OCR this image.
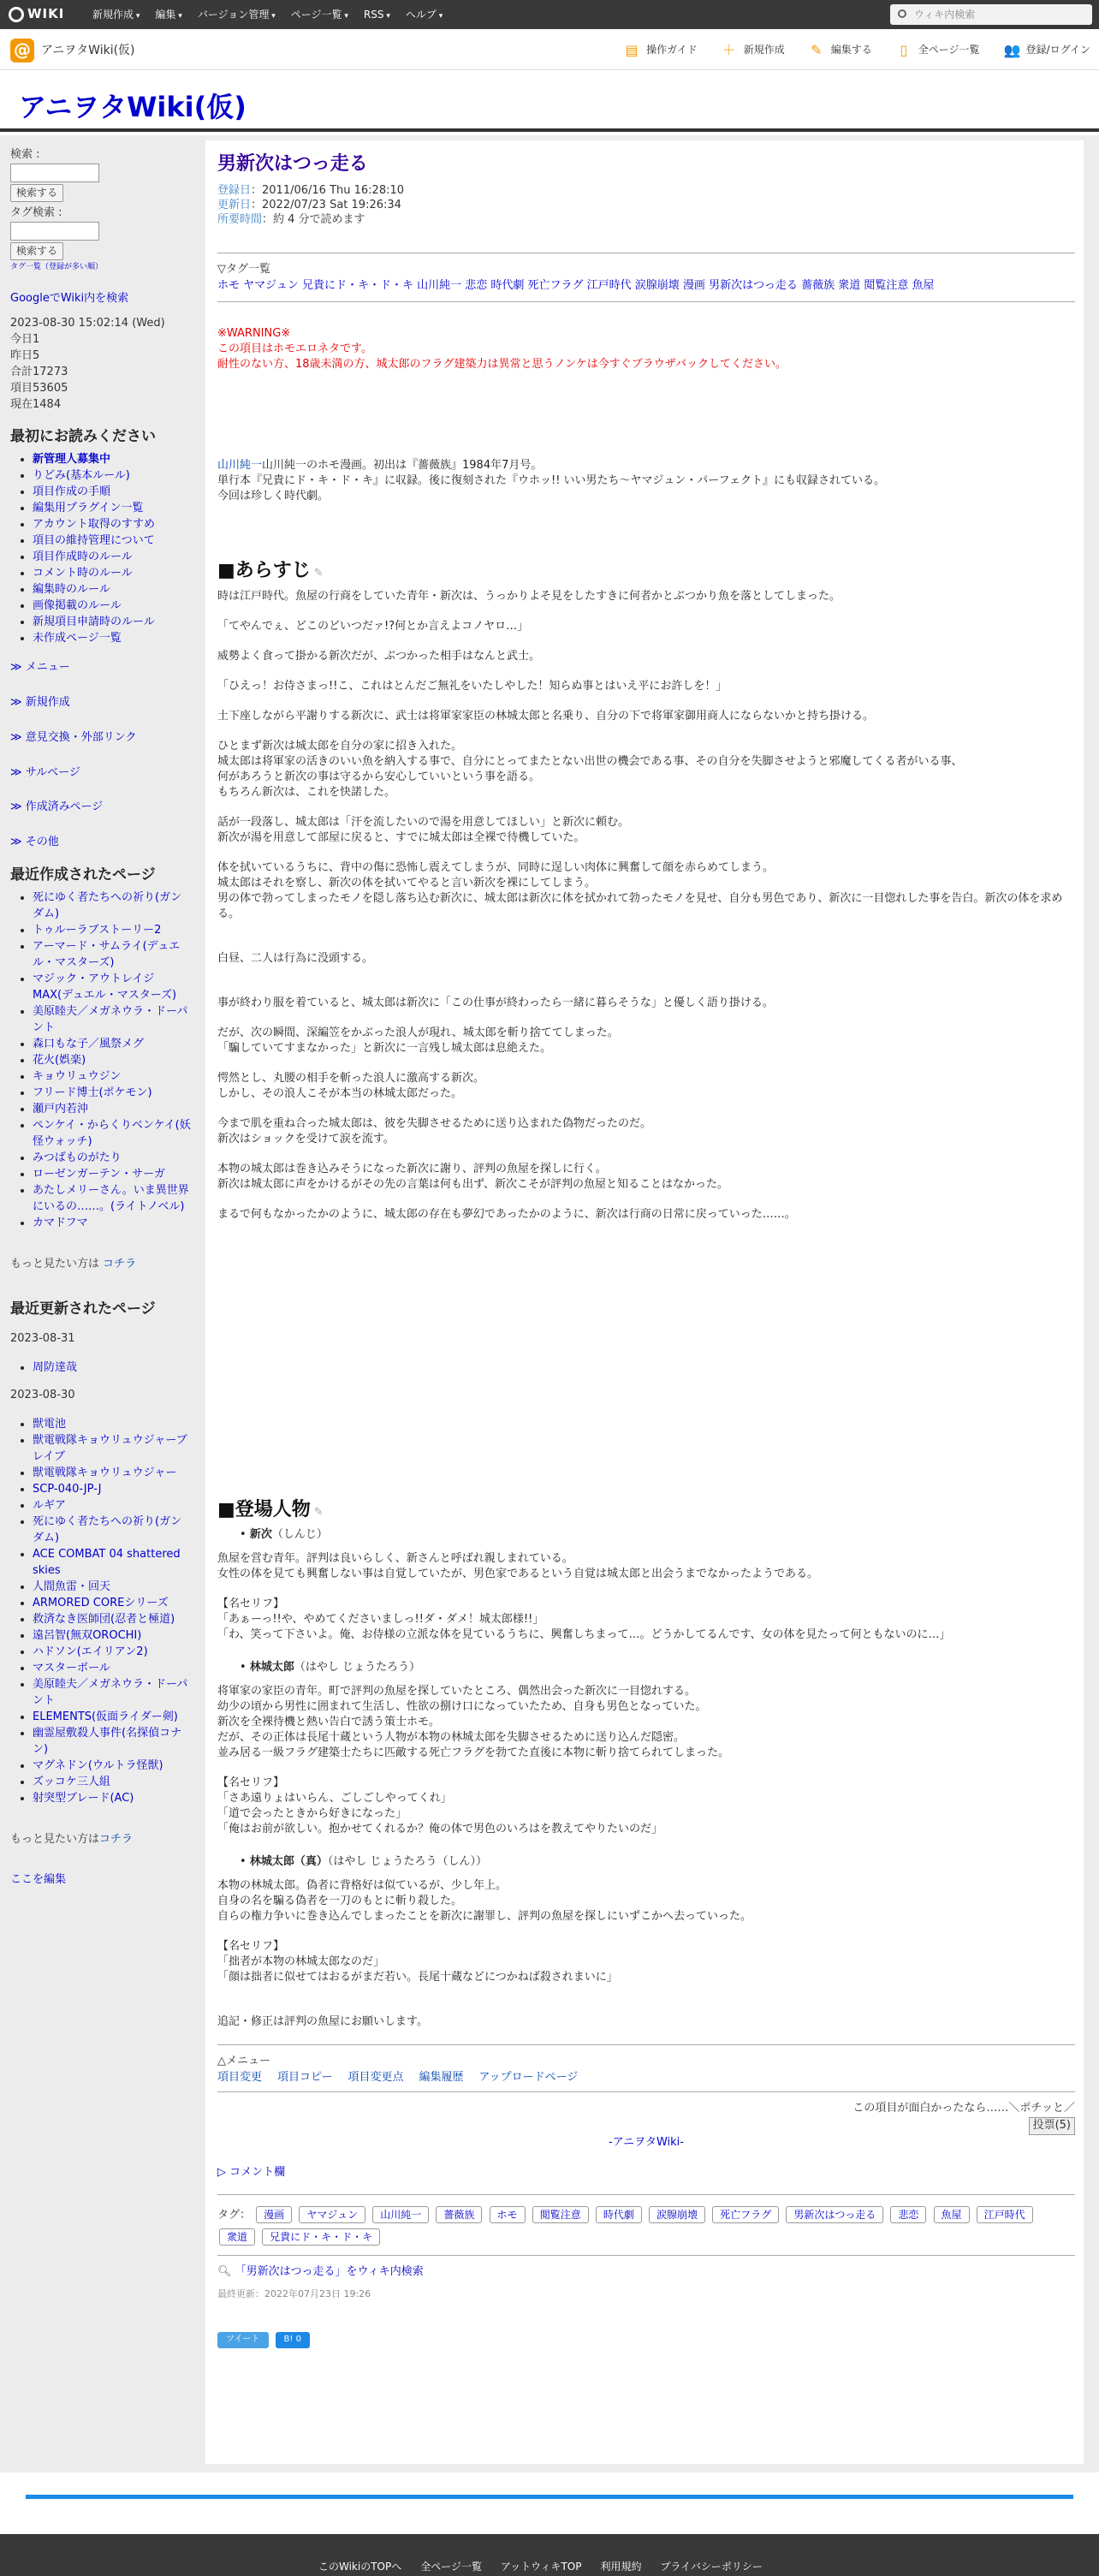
WIKI	新規作成 ▾	編集 ▾	バージョン管理 ▾	ページ一覧 ▾	RSS ▾	ヘルプ ▾	ウィキ内検索
@ アニヲタWiki(仮)	▤ 操作ガイド ＋ 新規作成 ✎ 編集する ▯	全ページ一覧 👥 登録/ログイン
アニヲタWiki(仮)
検索 :
検索する
タグ検索 :
検索する
タグ一覧（登録が多い順）
GoogleでWiki内を検索
2023-08-30 15:02:14 (Wed)
今日1
昨日5
合計17273
項目53605
現在1484
最初にお読みください
• 新管理人募集中
• りどみ(基本ルール)
• 項目作成の手順
• 編集用プラグイン一覧
• アカウント取得のすすめ
• 項目の維持管理について
• 項目作成時のルール
• コメント時のルール
• 編集時のルール
• 画像掲載のルール
• 新規項目申請時のルール
• 未作成ページ一覧
≫ メニュー
≫ 新規作成
≫ 意見交換・外部リンク
≫ サルベージ
≫ 作成済みページ
≫ その他
最近作成されたページ
• 死にゆく者たちへの祈り(ガンダム)
• トゥルーラブストーリー2
• アーマード・サムライ(デュエル・マスターズ)
• マジック・アウトレイジMAX(デュエル・マスターズ)
• 美原睦夫／メガネウラ・ドーパント
• 森口もな子／風祭メグ
• 花火(娯楽)
• キョウリュウジン
• フリード博士(ポケモン)
• 瀬戸内若沖
• ペンケイ・からくりベンケイ(妖怪ウォッチ)
• みつばものがたり
• ローゼンガーテン・サーガ
• あたしメリーさん。いま異世界にいるの……。(ライトノベル)
• カマドフマ
もっと見たい方は コチラ
最近更新されたページ
2023-08-31
• 周防達哉
2023-08-30
• 獣電池
• 獣電戦隊キョウリュウジャーブレイブ
• 獣電戦隊キョウリュウジャー
• SCP-040-JP-J
• ルギア
• 死にゆく者たちへの祈り(ガンダム)
• ACE COMBAT 04 shattered skies
• 人間魚雷・回天
• ARMORED COREシリーズ
• 救済なき医師団(忍者と極道)
• 遠呂智(無双OROCHI)
• ハドソン(エイリアン2)
• マスターボール
• 美原睦夫／メガネウラ・ドーパント
• ELEMENTS(仮面ライダー剣)
• 幽霊屋敷殺人事件(名探偵コナン)
• マグネドン(ウルトラ怪獣)
• ズッコケ三人組
• 射突型ブレード(AC)
もっと見たい方はコチラ
ここを編集
男新次はつっ走る
登録日：2011/06/16 Thu 16:28:10
更新日：2022/07/23 Sat 19:26:34
所要時間：約 4 分で読めます
▽タグ一覧
ホモ ヤマジュン 兄貴にド・キ・ド・キ 山川純一 悲恋 時代劇 死亡フラグ 江戸時代 涙腺崩壊 漫画 男新次はつっ走る 薔薇族 衆道 閲覧注意 魚屋
※WARNING※
この項目はホモエロネタです。
耐性のない方、18歳未満の方、城太郎のフラグ建築力は異常と思うノンケは今すぐブラウザバックしてください。
山川純一山川純一のホモ漫画。初出は『薔薇族』1984年7月号。
単行本『兄貴にド・キ・ド・キ』に収録。後に復刻された『ウホッ!! いい男たち〜ヤマジュン・パーフェクト』にも収録されている。
今回は珍しく時代劇。
■あらすじ ✎

時は江戸時代。魚屋の行商をしていた青年・新次は、うっかりよそ見をしたすきに何者かとぶつかり魚を落としてしまった。

「てやんでぇ、どこのどいつだァ!?何とか言えよコノヤロ…」

威勢よく食って掛かる新次だが、ぶつかった相手はなんと武士。

「ひえっ！お侍さまっ!!こ、これはとんだご無礼をいたしやした！知らぬ事とはいえ平にお許しを！」

土下座しながら平謝りする新次に、武士は将軍家家臣の林城太郎と名乗り、自分の下で将軍家御用商人にならないかと持ち掛ける。

ひとまず新次は城太郎を自分の家に招き入れた。
城太郎は将軍家の活きのいい魚を納入する事で、自分にとってまたとない出世の機会である事、その自分を失脚させようと邪魔してくる者がいる事、
何があろうと新次の事は守るから安心していいという事を語る。
もちろん新次は、これを快諾した。

話が一段落し、城太郎は「汗を流したいので湯を用意してほしい」と新次に頼む。
新次が湯を用意して部屋に戻ると、すでに城太郎は全裸で待機していた。

体を拭いているうちに、背中の傷に恐怖し震えてしまうが、同時に逞しい肉体に興奮して顔を赤らめてしまう。
城太郎はそれを察し、新次の体を拭いてやると言い新次を裸にしてしまう。
男の体で勃ってしまったモノを隠し落ち込む新次に、城太郎は新次に体を拭かれて勃ったモノを見せ、自分も男色であり、新次に一目惚れした事を告白。新次の体を求める。

白昼、二人は行為に没頭する。

事が終わり服を着ていると、城太郎は新次に「この仕事が終わったら一緒に暮らそうな」と優しく語り掛ける。

だが、次の瞬間、深編笠をかぶった浪人が現れ、城太郎を斬り捨ててしまった。
「騙していてすまなかった」と新次に一言残し城太郎は息絶えた。

愕然とし、丸腰の相手を斬った浪人に激高する新次。
しかし、その浪人こそが本当の林城太郎だった。

今まで肌を重ね合った城太郎は、彼を失脚させるために送り込まれた偽物だったのだ。
新次はショックを受けて涙を流す。

本物の城太郎は巻き込みそうになった新次に謝り、評判の魚屋を探しに行く。
新次は城太郎に声をかけるがその先の言葉は何も出ず、新次こそが評判の魚屋と知ることはなかった。

まるで何もなかったかのように、城太郎の存在も夢幻であったかのように、新次は行商の日常に戻っていった……。

■登場人物 ✎
• 新次（しんじ）

魚屋を営む青年。評判は良いらしく、新さんと呼ばれ親しまれている。
女性の体を見ても興奮しない事は自覚していたが、男色家であるという自覚は城太郎と出会うまでなかったようである。

【名セリフ】
「あぁーっ!!や、やめてくださいましっ!!ダ・ダメ！城太郎様!!」
「わ、笑って下さいよ。俺、お侍様の立派な体を見ているうちに、興奮しちまって…。どうかしてるんです、女の体を見たって何ともないのに…」

• 林城太郎（はやし じょうたろう）

将軍家の家臣の青年。町で評判の魚屋を探していたところ、偶然出会った新次に一目惚れする。
幼少の頃から男性に囲まれて生活し、性欲の捌け口になっていたため、自身も男色となっていた。
新次を全裸待機と熱い告白で誘う策士ホモ。
だが、その正体は長尾十蔵という人物が本物の林城太郎を失脚させるために送り込んだ隠密。
並み居る一級フラグ建築士たちに匹敵する死亡フラグを勃てた直後に本物に斬り捨てられてしまった。

【名セリフ】
「さあ遠りょはいらん、ごしごしやってくれ」
「道で会ったときから好きになった」
「俺はお前が欲しい。抱かせてくれるか？俺の体で男色のいろはを教えてやりたいのだ」

• 林城太郎（真）（はやし じょうたろう（しん））

本物の林城太郎。偽者に背格好は似ているが、少し年上。
自身の名を騙る偽者を一刀のもとに斬り殺した。
自らの権力争いに巻き込んでしまったことを新次に謝罪し、評判の魚屋を探しにいずこかへ去っていった。

【名セリフ】
「拙者が本物の林城太郎なのだ」
「顔は拙者に似せてはおるがまだ若い。長尾十蔵などにつかねば殺されまいに」

追記・修正は評判の魚屋にお願いします。

△メニュー
項目変更 項目コピー 項目変更点 編集履歴 アップロードページ
この項目が面白かったなら……＼ポチッと／
投票(5)
-アニヲタWiki-
▷ コメント欄
タグ： 漫画 ヤマジュン 山川純一 薔薇族 ホモ 閲覧注意 時代劇 涙腺崩壊 死亡フラグ 男新次はつっ走る 悲恋 魚屋 江戸時代 衆道 兄貴にド・キ・ド・キ
🔍︎ 「男新次はつっ走る」をウィキ内検索
最終更新：2022年07月23日 19:26
ツイート	B! 0
このWikiのTOPへ 全ページ一覧 アットウィキTOP 利用規約 プライバシーポリシー
